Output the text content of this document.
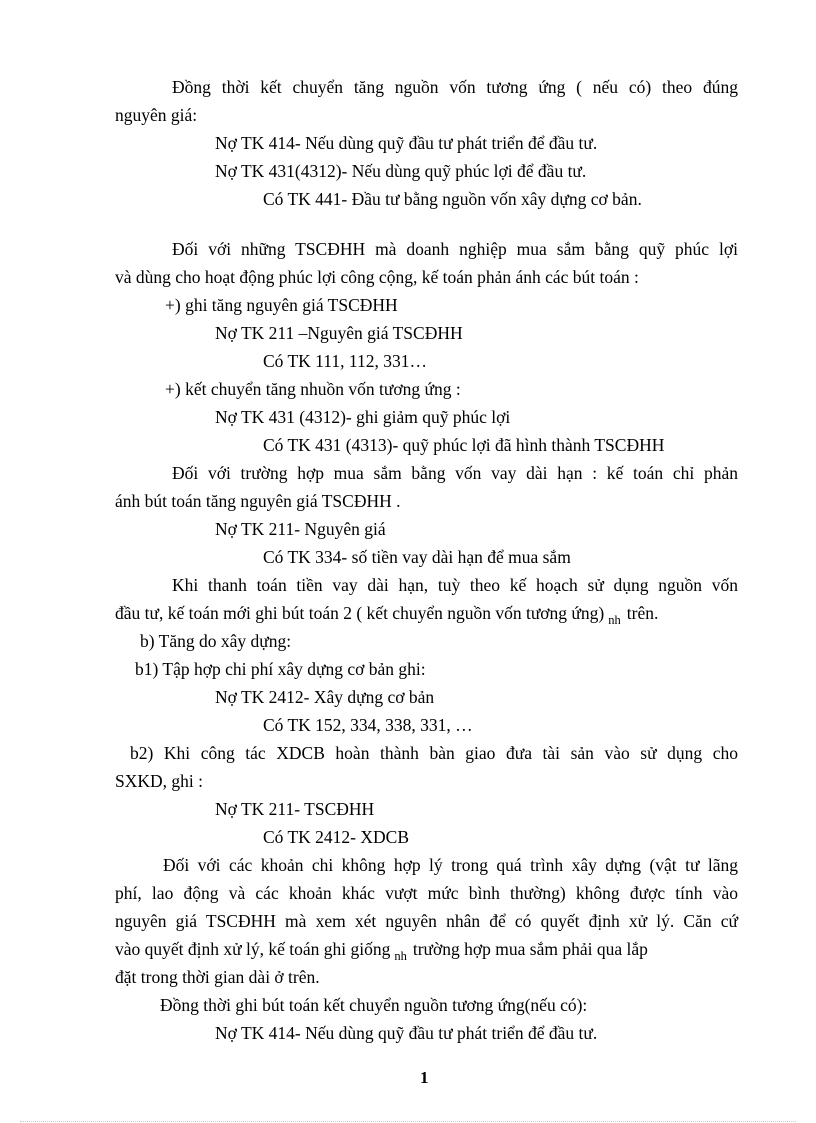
Đồng thời kết chuyển tăng nguồn vốn tương ứng ( nếu có) theo đúng
nguyên giá:
Nợ TK 414- Nếu dùng quỹ đầu tư phát triển để đầu tư.
Nợ TK 431(4312)- Nếu dùng quỹ phúc lợi để đầu tư.
Có TK 441- Đầu tư bằng nguồn vốn xây dựng cơ bản.
Đối với những TSCĐHH mà doanh nghiệp mua sắm bằng quỹ phúc lợi
và dùng cho hoạt động phúc lợi công cộng, kế toán phản ánh các bút toán :
+) ghi tăng nguyên giá TSCĐHH
Nợ TK 211 –Nguyên giá TSCĐHH
Có TK 111, 112, 331…
+) kết chuyển tăng nhuồn vốn tương ứng :
Nợ TK 431 (4312)- ghi giảm quỹ phúc lợi
Có TK 431 (4313)- quỹ phúc lợi đã hình thành TSCĐHH
Đối với trường hợp mua sắm bằng vốn vay dài hạn : kế toán chỉ phản
ánh bút toán tăng nguyên giá TSCĐHH .
Nợ TK 211- Nguyên giá
Có TK 334- số tiền vay dài hạn để mua sắm
Khi thanh toán tiền vay dài hạn, tuỳ theo kế hoạch sử dụng nguồn vốn
đầu tư, kế toán mới ghi bút toán 2 ( kết chuyển nguồn vốn tương ứng) $_{nh}$ trên.
b) Tăng do xây dựng:
b1) Tập hợp chi phí xây dựng cơ bản ghi:
Nợ TK 2412- Xây dựng cơ bản
Có TK 152, 334, 338, 331, …
b2) Khi công tác XDCB hoàn thành bàn giao đưa tài sản vào sử dụng cho
SXKD, ghi :
Nợ TK 211- TSCĐHH
Có TK 2412- XDCB
Đối với các khoản chi không hợp lý trong quá trình xây dựng (vật tư lãng
phí, lao động và các khoản khác vượt mức bình thường) không được tính vào
nguyên giá TSCĐHH mà xem xét nguyên nhân để có quyết định xử lý. Căn cứ
vào quyết định xử lý, kế toán ghi giống $_{nh}$ trường hợp mua sắm phải qua lắp
đặt trong thời gian dài ở trên.
Đồng thời ghi bút toán kết chuyển nguồn tương ứng(nếu có):
Nợ TK 414- Nếu dùng quỹ đầu tư phát triển để đầu tư.
1
